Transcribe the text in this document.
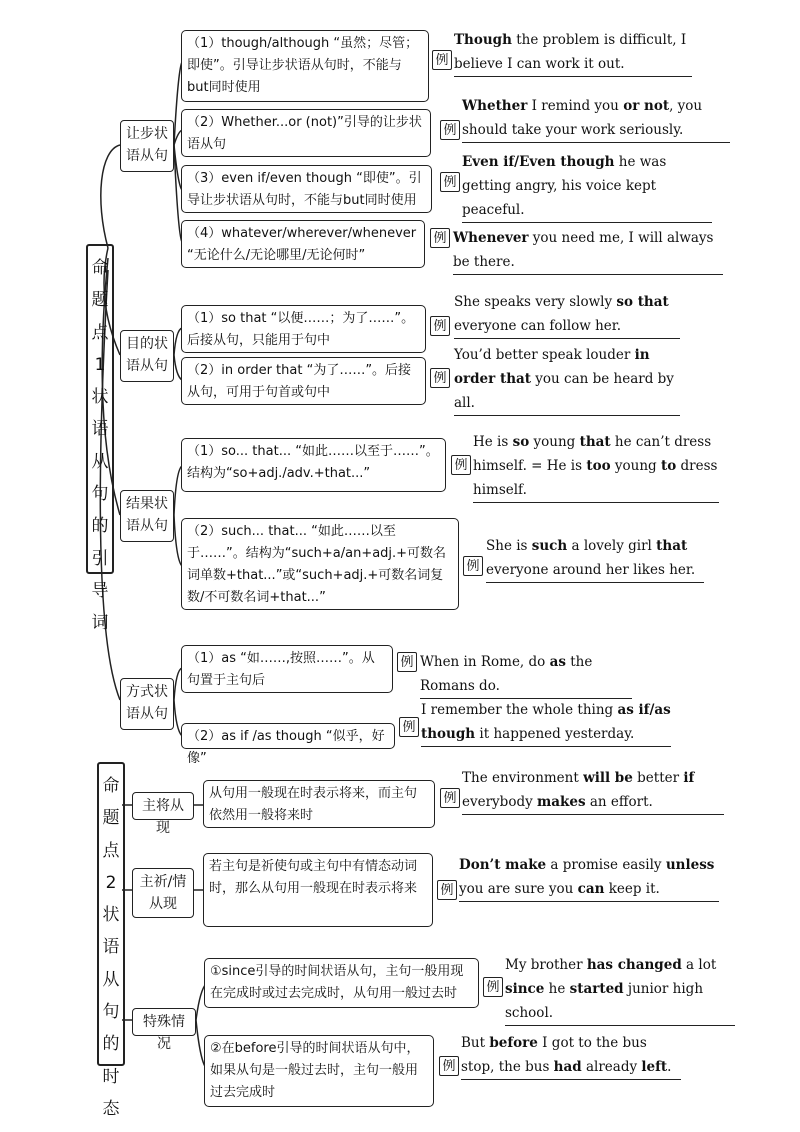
命
题
点
1
状
语
从
句
的
引
导
词
让步状语从句
（1）though/although “虽然；尽管；即使”。引导让步状语从句时，不能与but同时使用
例
Though the problem is difficult, I believe I can work it out.
（2）Whether...or (not)”引导的让步状语从句
例
Whether I remind you or not, you should take your work seriously.
（3）even if/even though “即使”。引导让步状语从句时，不能与but同时使用
例
Even if/Even though he was getting angry, his voice kept peaceful.
（4）whatever/wherever/whenever “无论什么/无论哪里/无论何时”
例 Whenever you need me, I will always be there.
目的状语从句
（1）so that “以便……；为了……”。后接从句，只能用于句中
例
She speaks very slowly so that everyone can follow her.
（2）in order that “为了……”。后接从句，可用于句首或句中
例
You’d better speak louder in order that you can be heard by all.
结果状语从句
（1）so... that... “如此……以至于……”。结构为“so+adj./adv.+that...”
例
He is so young that he can’t dress himself. = He is too young to dress himself.
（2）such... that... “如此……以至于……”。结构为“such+a/an+adj.+可数名词单数+that...”或“such+adj.+可数名词复数/不可数名词+that...”
例
She is such a lovely girl that everyone around her likes her.
方式状语从句
（1）as “如……,按照……”。从句置于主句后
例 When in Rome, do as the Romans do.
（2）as if /as though “似乎，好像”
例
I remember the whole thing as if/as though it happened yesterday.
命
题
点
2
状
语
从
句
的
时
态
主将从现
从句用一般现在时表示将来，而主句依然用一般将来时
例
The environment will be better if everybody makes an effort.
主祈/情从现
若主句是祈使句或主句中有情态动词时，那么从句用一般现在时表示将来	例
Don’t make a promise easily unless you are sure you can keep it.
特殊情况
①since引导的时间状语从句，主句一般用现在完成时或过去完成时，从句用一般过去时	例
My brother has changed a lot since he started junior high school.
②在before引导的时间状语从句中，如果从句是一般过去时，主句一般用过去完成时
例
But before I got to the bus stop, the bus had already left.
